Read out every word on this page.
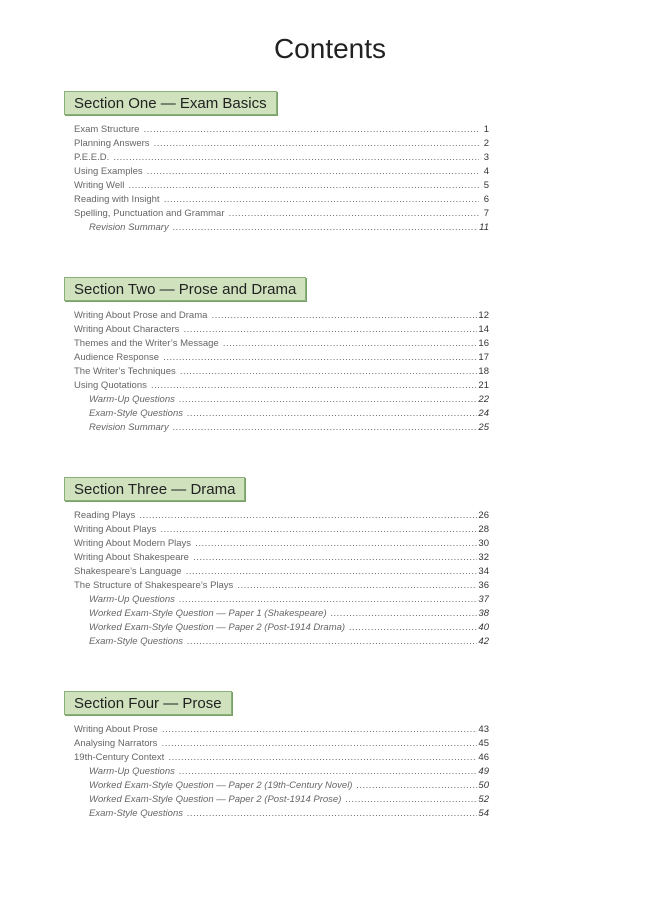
Contents
Section One — Exam Basics
Exam Structure .....	1
Planning Answers .....	2
P.E.E.D. .....	3
Using Examples .....	4
Writing Well .....	5
Reading with Insight .....	6
Spelling, Punctuation and Grammar .....	7
Revision Summary .....	11
Section Two — Prose and Drama
Writing About Prose and Drama .....	12
Writing About Characters .....	14
Themes and the Writer’s Message .....	16
Audience Response .....	17
The Writer’s Techniques .....	18
Using Quotations .....	21
Warm-Up Questions .....	22
Exam-Style Questions .....	24
Revision Summary .....	25
Section Three — Drama
Reading Plays .....	26
Writing About Plays .....	28
Writing About Modern Plays .....	30
Writing About Shakespeare .....	32
Shakespeare’s Language .....	34
The Structure of Shakespeare’s Plays .....	36
Warm-Up Questions .....	37
Worked Exam-Style Question — Paper 1 (Shakespeare) .....	38
Worked Exam-Style Question — Paper 2 (Post-1914 Drama) .....	40
Exam-Style Questions .....	42
Section Four — Prose
Writing About Prose .....	43
Analysing Narrators .....	45
19th-Century Context .....	46
Warm-Up Questions .....	49
Worked Exam-Style Question — Paper 2 (19th-Century Novel) .....	50
Worked Exam-Style Question — Paper 2 (Post-1914 Prose) .....	52
Exam-Style Questions .....	54
